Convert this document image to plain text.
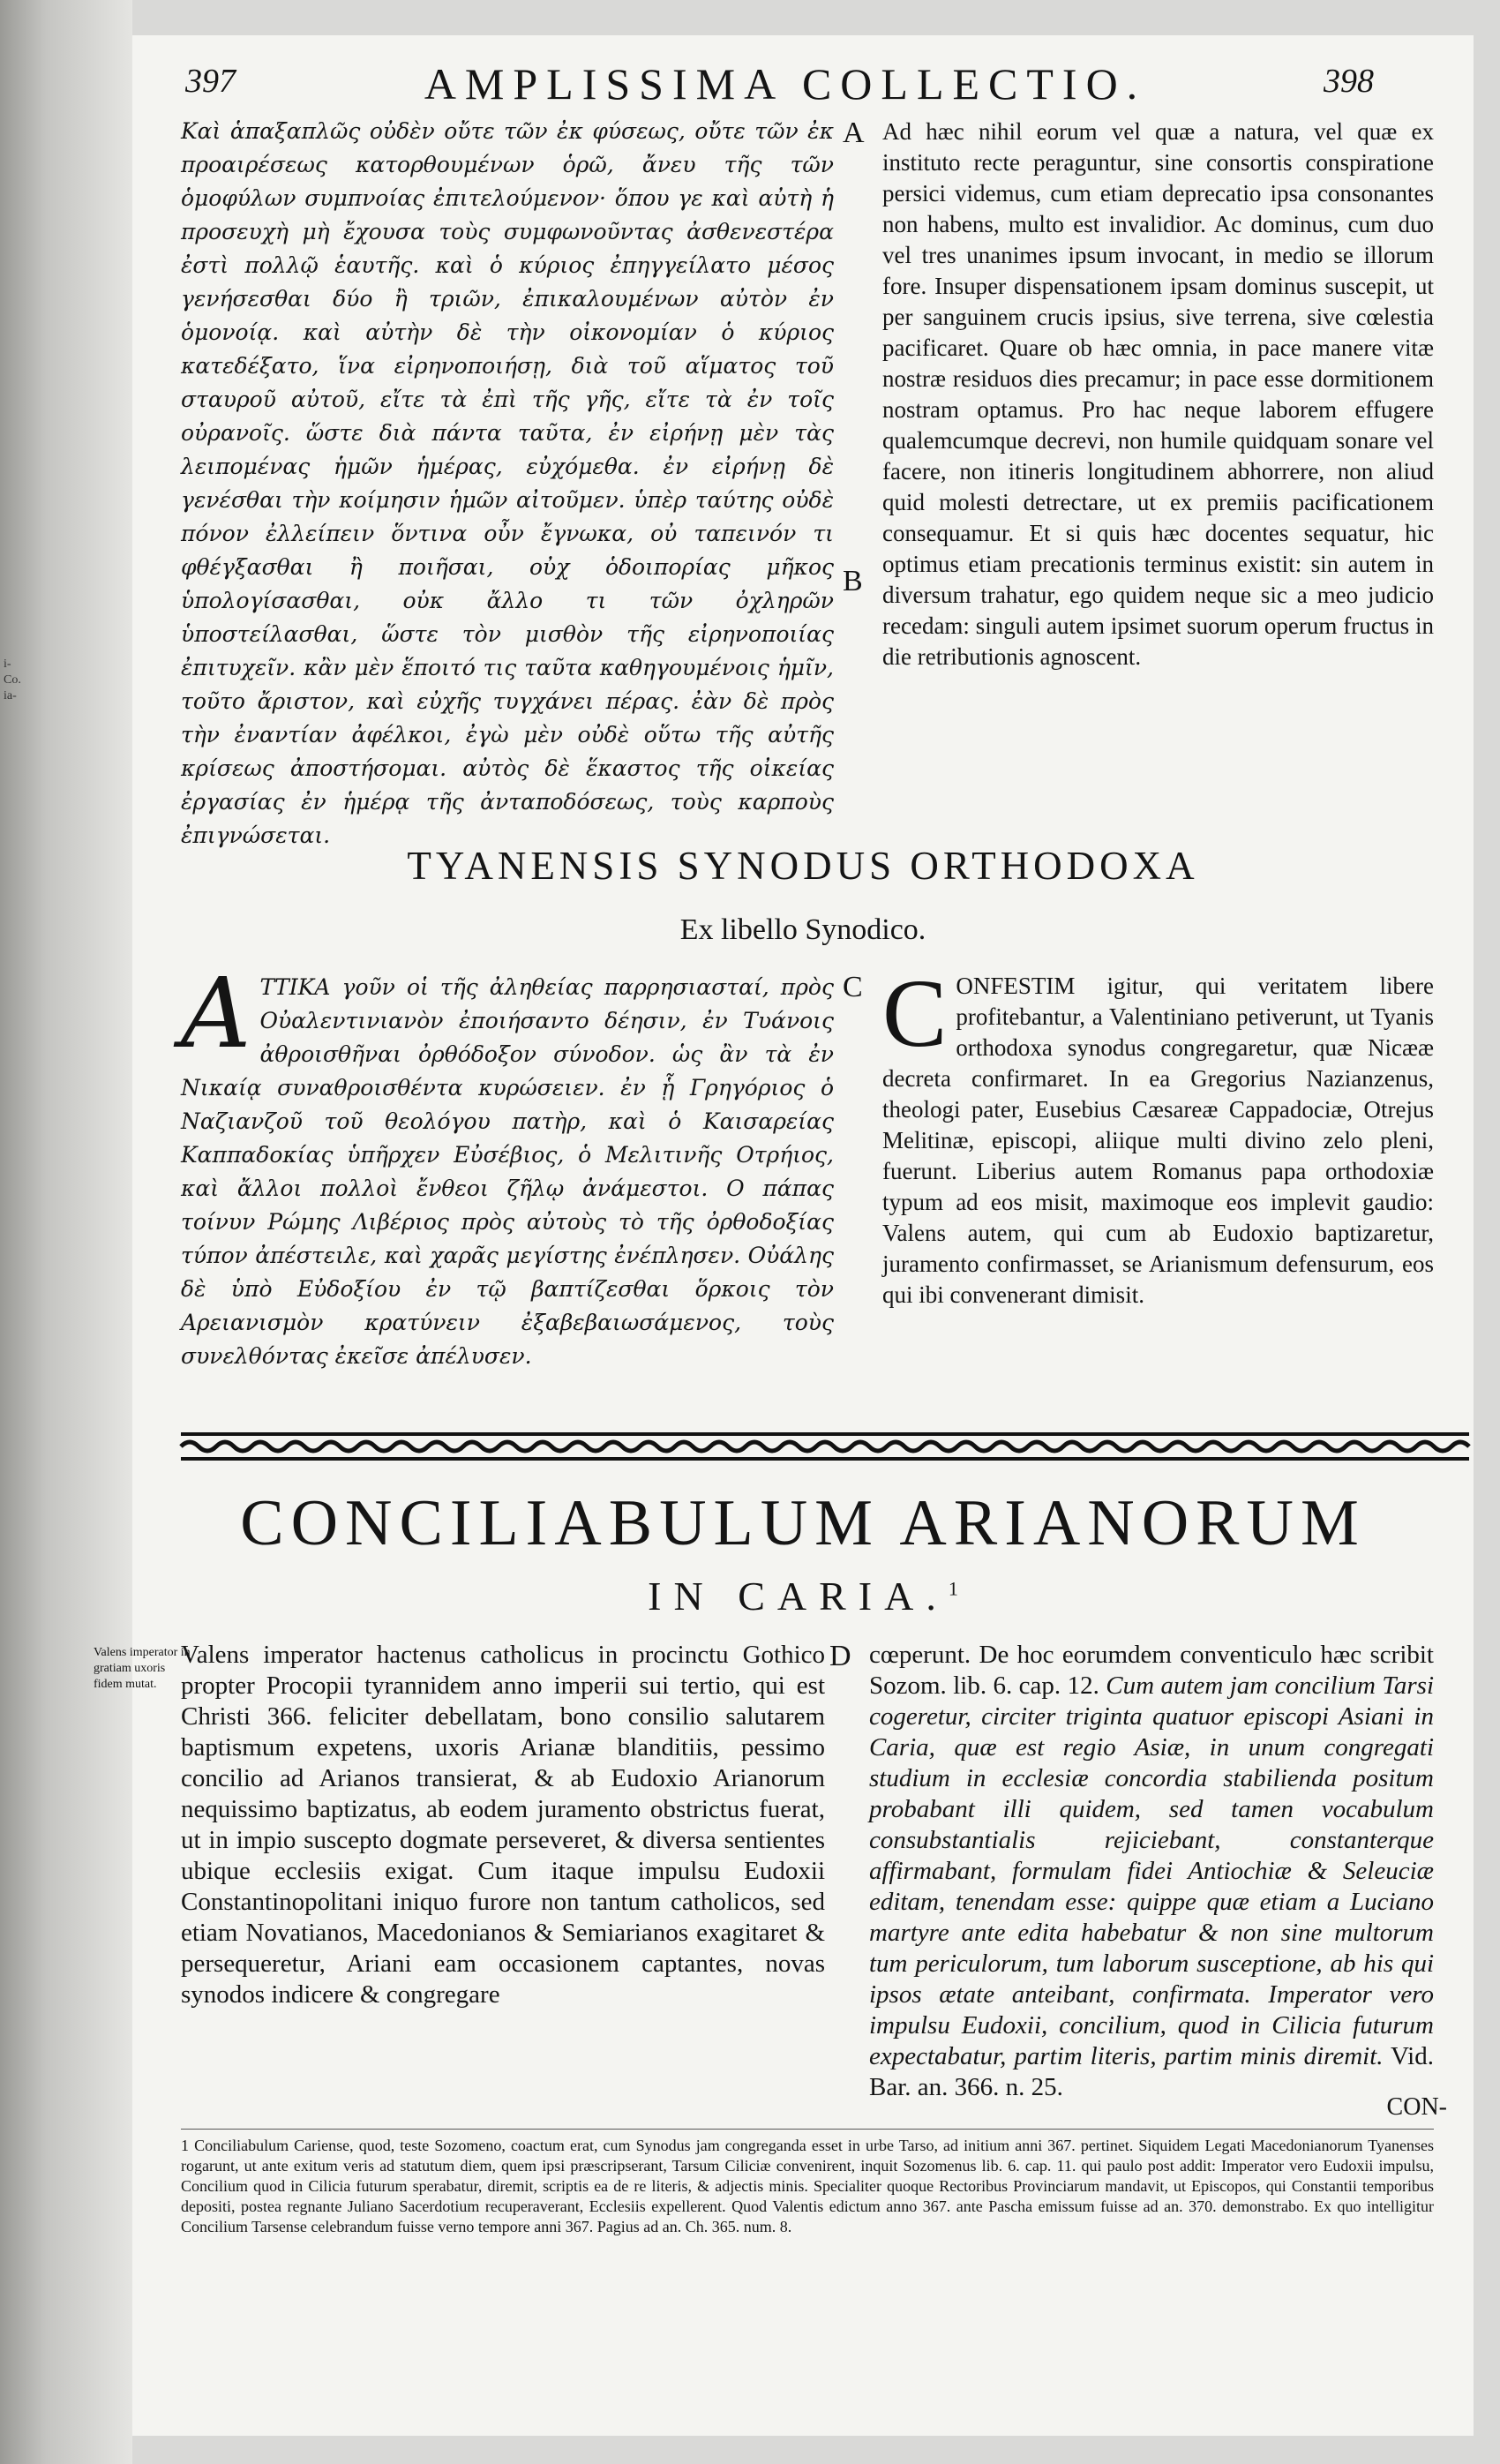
i-
Co.
ia-
397	AMPLISSIMA COLLECTIO.	398
Καὶ ἁπαξαπλῶς οὐδὲν οὔτε τῶν ἐκ φύσεως, οὔτε τῶν ἐκ προαιρέσεως κατορθουμένων ὁρῶ, ἄνευ τῆς τῶν ὁμοφύλων συμπνοίας ἐπιτελούμενον· ὅπου γε καὶ αὐτὴ ἡ προσευχὴ μὴ ἔχουσα τοὺς συμφωνοῦντας ἀσθενεστέρα ἐστὶ πολλῷ ἑαυτῆς. καὶ ὁ κύριος ἐπηγγείλατο μέσος γενήσεσθαι δύο ἢ τριῶν, ἐπικαλουμένων αὐτὸν ἐν ὁμονοίᾳ. καὶ αὐτὴν δὲ τὴν οἰκονομίαν ὁ κύριος κατεδέξατο, ἵνα εἰρηνοποιήσῃ, διὰ τοῦ αἵματος τοῦ σταυροῦ αὐτοῦ, εἴτε τὰ ἐπὶ τῆς γῆς, εἴτε τὰ ἐν τοῖς οὐρανοῖς. ὥστε διὰ πάντα ταῦτα, ἐν εἰρήνῃ μὲν τὰς λειπομένας ἡμῶν ἡμέρας, εὐχόμεθα. ἐν εἰρήνῃ δὲ γενέσθαι τὴν κοίμησιν ἡμῶν αἰτοῦμεν. ὑπὲρ ταύτης οὐδὲ πόνον ἐλλείπειν ὅντινα οὖν ἔγνωκα, οὐ ταπεινόν τι φθέγξασθαι ἢ ποιῆσαι, οὐχ ὁδοιπορίας μῆκος ὑπολογίσασθαι, οὐκ ἄλλο τι τῶν ὀχληρῶν ὑποστείλασθαι, ὥστε τὸν μισθὸν τῆς εἰρηνοποιίας ἐπιτυχεῖν. κἂν μὲν ἕποιτό τις ταῦτα καθηγουμένοις ἡμῖν, τοῦτο ἄριστον, καὶ εὐχῆς τυγχάνει πέρας. ἐὰν δὲ πρὸς τὴν ἐναντίαν ἀφέλκοι, ἐγὼ μὲν οὐδὲ οὕτω τῆς αὐτῆς κρίσεως ἀποστήσομαι. αὐτὸς δὲ ἕκαστος τῆς οἰκείας ἐργασίας ἐν ἡμέρᾳ τῆς ἀνταποδόσεως, τοὺς καρποὺς ἐπιγνώσεται.
A Ad hæc nihil eorum vel quæ a natura, vel quæ ex instituto recte peraguntur, sine consortis conspiratione persici videmus, cum etiam deprecatio ipsa consonantes non habens, multo est invalidior. Ac dominus, cum duo vel tres unanimes ipsum invocant, in medio se illorum fore. Insuper dispensationem ipsam dominus suscepit, ut per sanguinem crucis ipsius, sive terrena, sive cœlestia pacificaret. Quare ob hæc omnia, in pace manere vitæ nostræ residuos dies precamur; in pace esse dormitionem nostram optamus. Pro hac neque laborem effugere qualemcumque decrevi, non humile quidquam sonare vel facere, non itineris longitudinem abhorrere, non aliud quid molesti detrectare, ut ex premiis pacificationem consequamur. Et si quis hæc docentes sequatur, hic optimus etiam precationis terminus existit: sin autem in diversum trahatur, ego quidem neque sic a meo judicio recedam: singuli autem ipsimet suorum operum fructus in die retributionis agnoscent.
B
TYANENSIS SYNODUS ORTHODOXA
Ex libello Synodico.
AΤΤΙΚΑ γοῦν οἱ τῆς ἀληθείας παρρησιασταί, πρὸς Οὐαλεντινιανὸν ἐποιήσαντο δέησιν, ἐν Τυάνοις ἀθροισθῆναι ὀρθόδοξον σύνοδον. ὡς ἂν τὰ ἐν Νικαίᾳ συναθροισθέντα κυρώσειεν. ἐν ᾗ Γρηγόριος ὁ Ναζιανζοῦ τοῦ θεολόγου πατὴρ, καὶ ὁ Καισαρείας Καππαδοκίας ὑπῆρχεν Εὐσέβιος, ὁ Μελιτινῆς Οτρήιος, καὶ ἄλλοι πολλοὶ ἔνθεοι ζῆλῳ ἀνάμεστοι. Ο πάπας τοίνυν Ρώμης Λιβέριος πρὸς αὐτοὺς τὸ τῆς ὀρθοδοξίας τύπον ἀπέστειλε, καὶ χαρᾶς μεγίστης ἐνέπλησεν. Οὐάλης δὲ ὑπὸ Εὐδοξίου ἐν τῷ βαπτίζεσθαι ὅρκοις τὸν Αρειανισμὸν κρατύνειν ἐξαβεβαιωσάμενος, τοὺς συνελθόντας ἐκεῖσε ἀπέλυσεν.
C CONFESTIM igitur, qui veritatem libere profitebantur, a Valentiniano petiverunt, ut Tyanis orthodoxa synodus congregaretur, quæ Nicææ decreta confirmaret. In ea Gregorius Nazianzenus, theologi pater, Eusebius Cæsareæ Cappadociæ, Otrejus Melitinæ, episcopi, aliique multi divino zelo pleni, fuerunt. Liberius autem Romanus papa orthodoxiæ typum ad eos misit, maximoque eos implevit gaudio: Valens autem, qui cum ab Eudoxio baptizaretur, juramento confirmasset, se Arianismum defensurum, eos qui ibi convenerant dimisit.
CONCILIABULUM ARIANORUM
IN CARIA.$^1$
Valens imperator in gratiam uxoris fidem mutat.
Valens imperator hactenus catholicus in procinctu Gothico propter Procopii tyrannidem anno imperii sui tertio, qui est Christi 366. feliciter debellatam, bono consilio salutarem baptismum expetens, uxoris Arianæ blanditiis, pessimo concilio ad Arianos transierat, & ab Eudoxio Arianorum nequissimo baptizatus, ab eodem juramento obstrictus fuerat, ut in impio suscepto dogmate perseveret, & diversa sentientes ubique ecclesiis exigat. Cum itaque impulsu Eudoxii Constantinopolitani iniquo furore non tantum catholicos, sed etiam Novatianos, Macedonianos & Semiarianos exagitaret & persequeretur, Ariani eam occasionem captantes, novas synodos indicere & congregare
D cœperunt. De hoc eorumdem conventiculo hæc scribit Sozom. lib. 6. cap. 12. Cum autem jam concilium Tarsi cogeretur, circiter triginta quatuor episcopi Asiani in Caria, quæ est regio Asiæ, in unum congregati studium in ecclesiæ concordia stabilienda positum probabant illi quidem, sed tamen vocabulum consubstantialis rejiciebant, constanterque affirmabant, formulam fidei Antiochiæ & Seleuciæ editam, tenendam esse: quippe quæ etiam a Luciano martyre ante edita habebatur & non sine multorum tum periculorum, tum laborum susceptione, ab his qui ipsos ætate anteibant, confirmata. Imperator vero impulsu Eudoxii, concilium, quod in Cilicia futurum expectabatur, partim literis, partim minis diremit. Vid. Bar. an. 366. n. 25.
CON-
1 Conciliabulum Cariense, quod, teste Sozomeno, coactum erat, cum Synodus jam congreganda esset in urbe Tarso, ad initium anni 367. pertinet. Siquidem Legati Macedonianorum Tyanenses rogarunt, ut ante exitum veris ad statutum diem, quem ipsi præscripserant, Tarsum Ciliciæ convenirent, inquit Sozomenus lib. 6. cap. 11. qui paulo post addit: Imperator vero Eudoxii impulsu, Concilium quod in Cilicia futurum sperabatur, diremit, scriptis ea de re literis, & adjectis minis. Specialiter quoque Rectoribus Provinciarum mandavit, ut Episcopos, qui Constantii temporibus depositi, postea regnante Juliano Sacerdotium recuperaverant, Ecclesiis expellerent. Quod Valentis edictum anno 367. ante Pascha emissum fuisse ad an. 370. demonstrabo. Ex quo intelligitur Concilium Tarsense celebrandum fuisse verno tempore anni 367. Pagius ad an. Ch. 365. num. 8.
